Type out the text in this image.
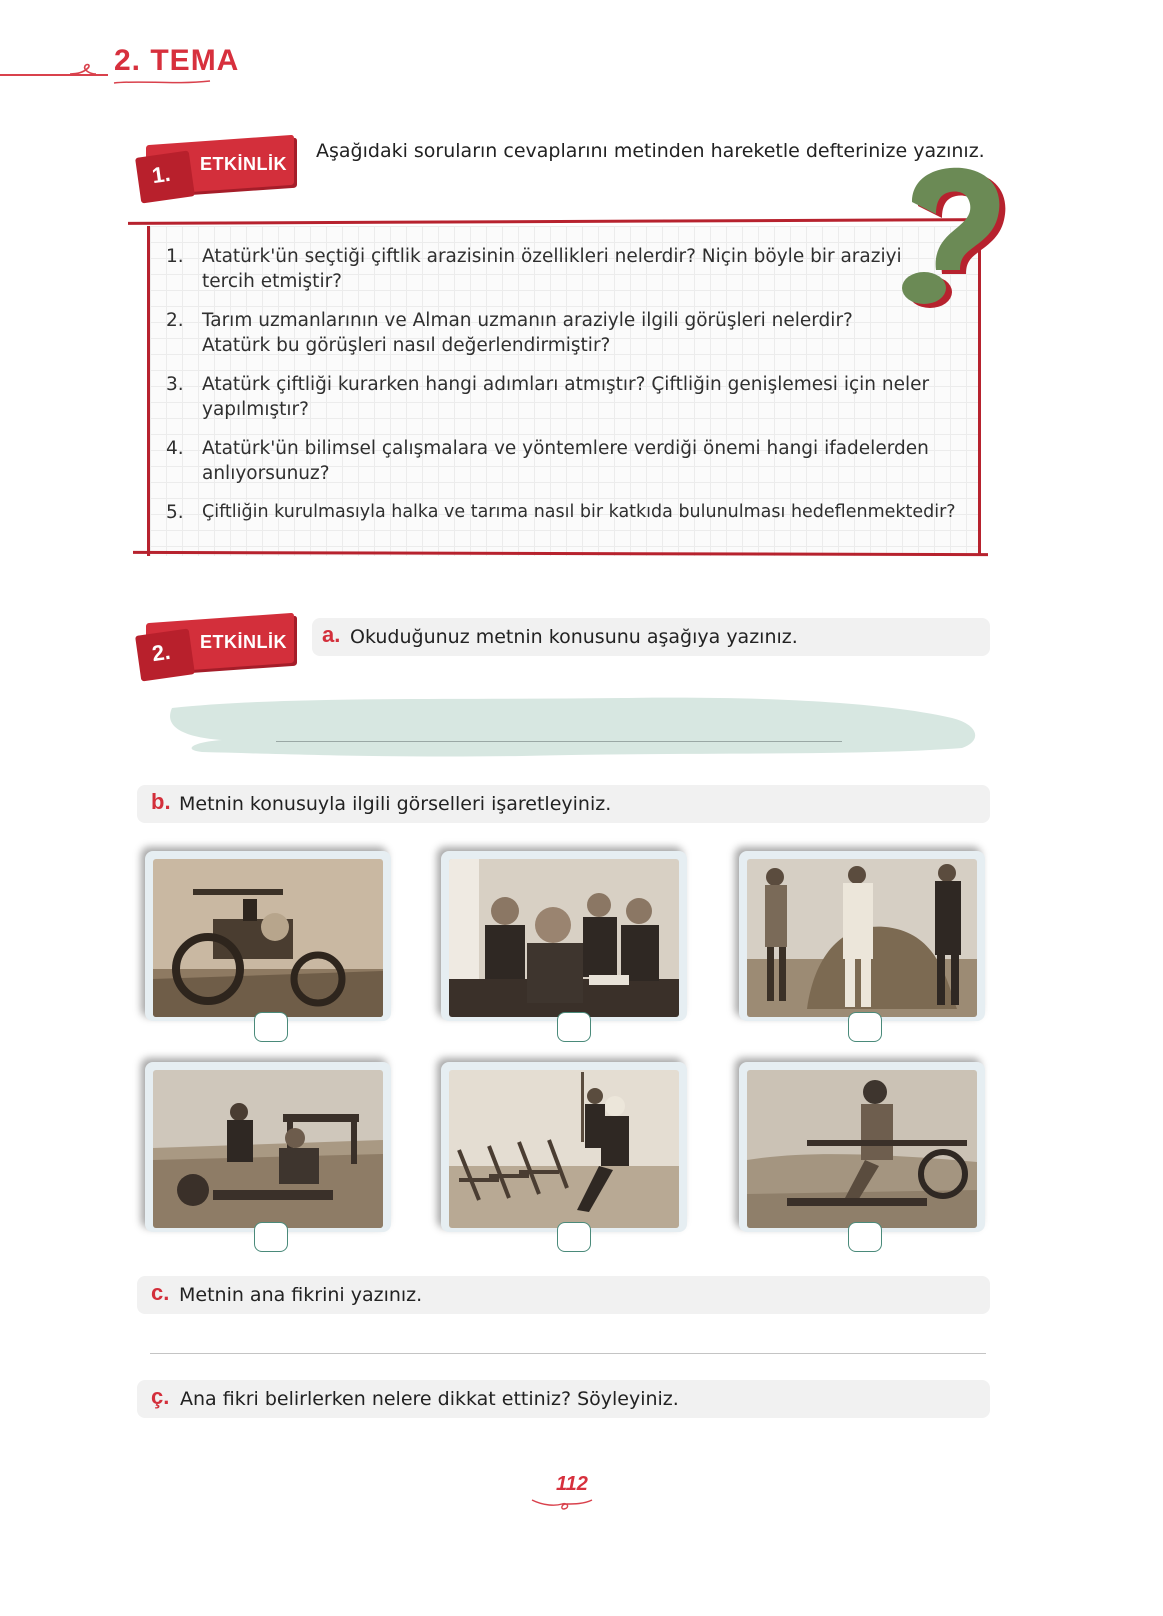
2. TEMA
1. ETKİNLİK
Aşağıdaki soruların cevaplarını metinden hareketle defterinize yazınız.
1. Atatürk'ün seçtiği çiftlik arazisinin özellikleri nelerdir? Niçin böyle bir araziyi tercih etmiştir?
2. Tarım uzmanlarının ve Alman uzmanın araziyle ilgili görüşleri nelerdir? Atatürk bu görüşleri nasıl değerlendirmiştir?
3. Atatürk çiftliği kurarken hangi adımları atmıştır? Çiftliğin genişlemesi için neler yapılmıştır?
4. Atatürk'ün bilimsel çalışmalara ve yöntemlere verdiği önemi hangi ifadelerden anlıyorsunuz?
5.	Çiftliğin kurulmasıyla halka ve tarıma nasıl bir katkıda bulunulması hedeflenmektedir?
2. ETKİNLİK a. Okuduğunuz metnin konusunu aşağıya yazınız.
b. Metnin konusuyla ilgili görselleri işaretleyiniz.
c. Metnin ana fikrini yazınız.
ç. Ana fikri belirlerken nelere dikkat ettiniz? Söyleyiniz.
112
